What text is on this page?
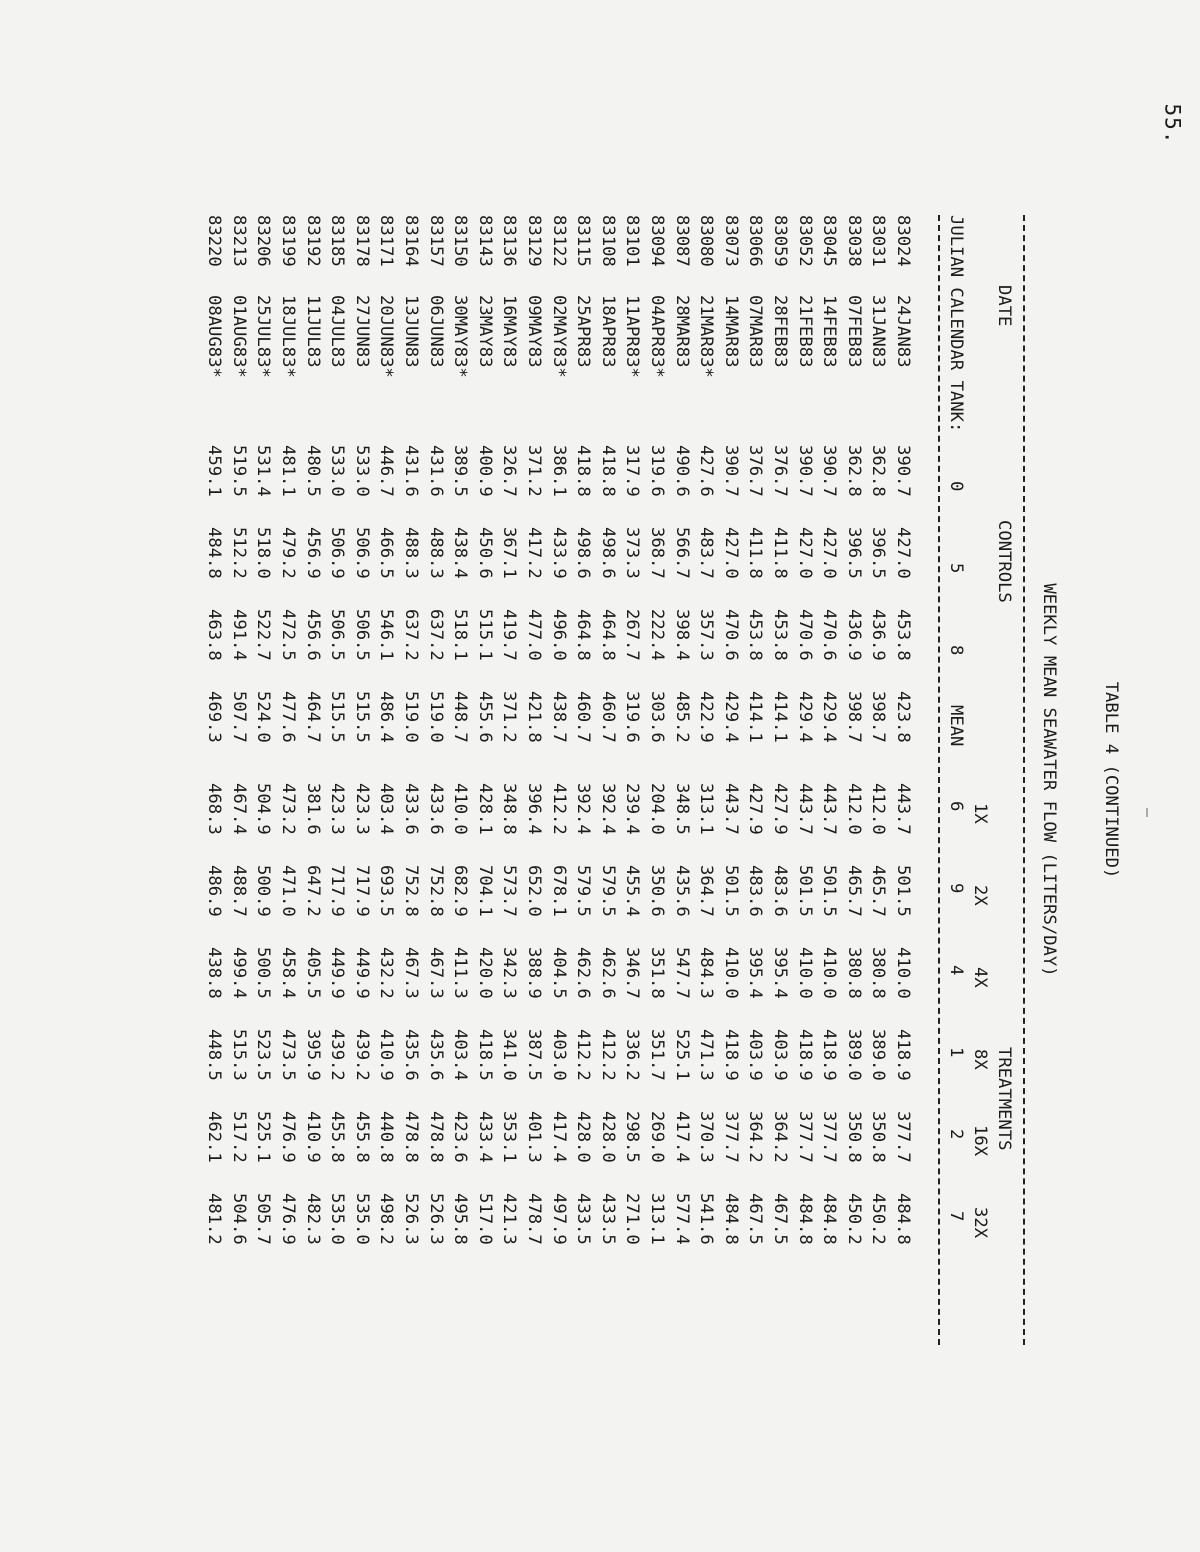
55.

TABLE 4 (CONTINUED)

WEEKLY MEAN SEAWATER FLOW (LITERS/DAY)

DATE

CONTROLS

TREATMENTS

1X
2X
4X
8X
16X
32X

JULIAN CALENDAR TANK:

0
5
8
MEAN
6
9
4
1
2
7

83024
24JAN83
390.7
427.0
453.8
423.8
443.7
501.5
410.0
418.9
377.7
484.8
83031
31JAN83
362.8
396.5
436.9
398.7
412.0
465.7
380.8
389.0
350.8
450.2
83038
07FEB83
362.8
396.5
436.9
398.7
412.0
465.7
380.8
389.0
350.8
450.2
83045
14FEB83
390.7
427.0
470.6
429.4
443.7
501.5
410.0
418.9
377.7
484.8
83052
21FEB83
390.7
427.0
470.6
429.4
443.7
501.5
410.0
418.9
377.7
484.8
83059
28FEB83
376.7
411.8
453.8
414.1
427.9
483.6
395.4
403.9
364.2
467.5
83066
07MAR83
376.7
411.8
453.8
414.1
427.9
483.6
395.4
403.9
364.2
467.5
83073
14MAR83
390.7
427.0
470.6
429.4
443.7
501.5
410.0
418.9
377.7
484.8
83080
21MAR83*
427.6
483.7
357.3
422.9
313.1
364.7
484.3
471.3
370.3
541.6
83087
28MAR83
490.6
566.7
398.4
485.2
348.5
435.6
547.7
525.1
417.4
577.4
83094
04APR83*
319.6
368.7
222.4
303.6
204.0
350.6
351.8
351.7
269.0
313.1
83101
11APR83*
317.9
373.3
267.7
319.6
239.4
455.4
346.7
336.2
298.5
271.0
83108
18APR83
418.8
498.6
464.8
460.7
392.4
579.5
462.6
412.2
428.0
433.5
83115
25APR83
418.8
498.6
464.8
460.7
392.4
579.5
462.6
412.2
428.0
433.5
83122
02MAY83*
386.1
433.9
496.0
438.7
412.2
678.1
404.5
403.0
417.4
497.9
83129
09MAY83
371.2
417.2
477.0
421.8
396.4
652.0
388.9
387.5
401.3
478.7
83136
16MAY83
326.7
367.1
419.7
371.2
348.8
573.7
342.3
341.0
353.1
421.3
83143
23MAY83
400.9
450.6
515.1
455.6
428.1
704.1
420.0
418.5
433.4
517.0
83150
30MAY83*
389.5
438.4
518.1
448.7
410.0
682.9
411.3
403.4
423.6
495.8
83157
06JUN83
431.6
488.3
637.2
519.0
433.6
752.8
467.3
435.6
478.8
526.3
83164
13JUN83
431.6
488.3
637.2
519.0
433.6
752.8
467.3
435.6
478.8
526.3
83171
20JUN83*
446.7
466.5
546.1
486.4
403.4
693.5
432.2
410.9
440.8
498.2
83178
27JUN83
533.0
506.9
506.5
515.5
423.3
717.9
449.9
439.2
455.8
535.0
83185
04JUL83
533.0
506.9
506.5
515.5
423.3
717.9
449.9
439.2
455.8
535.0
83192
11JUL83
480.5
456.9
456.6
464.7
381.6
647.2
405.5
395.9
410.9
482.3
83199
18JUL83*
481.1
479.2
472.5
477.6
473.2
471.0
458.4
473.5
476.9
476.9
83206
25JUL83*
531.4
518.0
522.7
524.0
504.9
500.9
500.5
523.5
525.1
505.7
83213
01AUG83*
519.5
512.2
491.4
507.7
467.4
488.7
499.4
515.3
517.2
504.6
83220
08AUG83*
459.1
484.8
463.8
469.3
468.3
486.9
438.8
448.5
462.1
481.2
